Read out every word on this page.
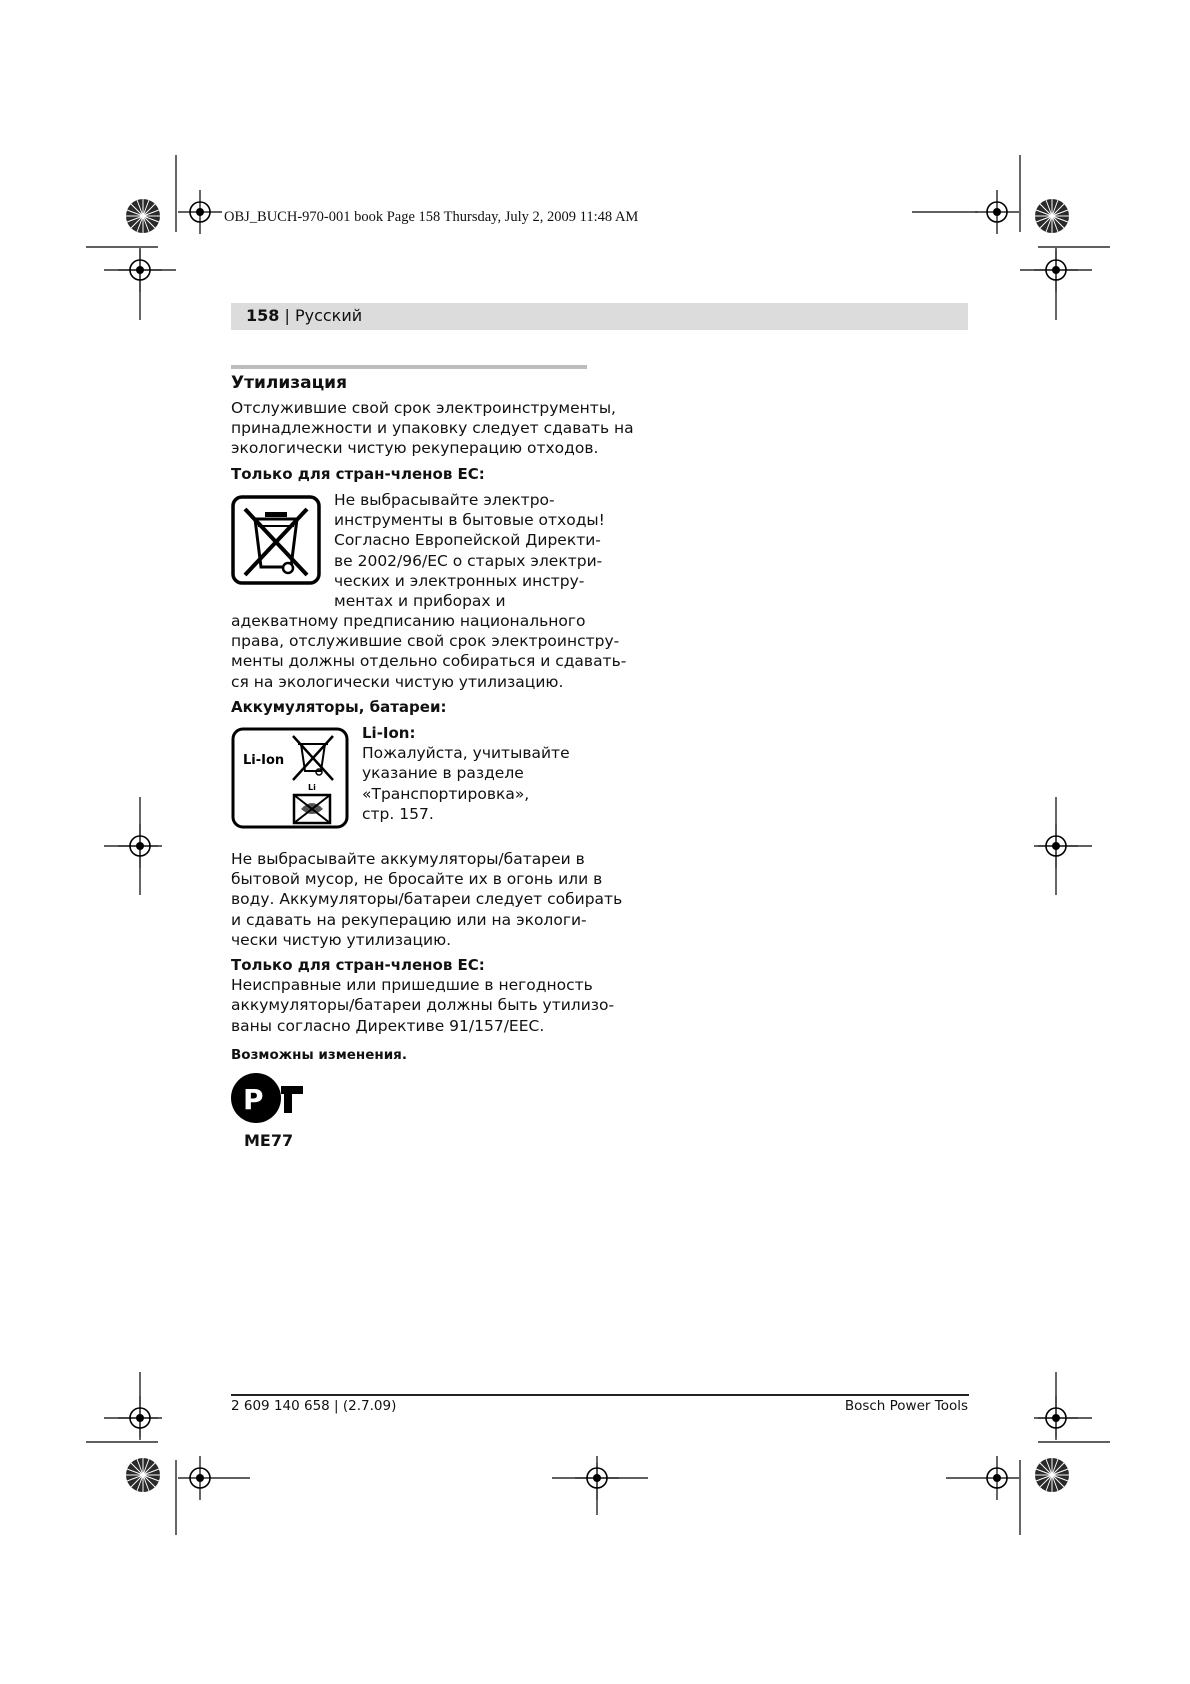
OBJ_BUCH-970-001 book Page 158 Thursday, July 2, 2009 11:48 AM
158 | Русский
Утилизация
Отслужившие свой срок электроинструменты,
принадлежности и упаковку следует сдавать на
экологически чистую рекуперацию отходов.
Только для стран-членов ЕС:
Не выбрасывайте электро-
инструменты в бытовые отходы!
Согласно Европейской Директи-
ве 2002/96/ЕС о старых электри-
ческих и электронных инстру-
ментах и приборах и
адекватному предписанию национального
права, отслужившие свой срок электроинстру-
менты должны отдельно собираться и сдавать-
ся на экологически чистую утилизацию.
Аккумуляторы, батареи:
Li-Ion
Li
Li-Ion:
Пожалуйста, учитывайте
указание в разделе
«Транспортировка»,
стр. 157.
Не выбрасывайте аккумуляторы/батареи в
бытовой мусор, не бросайте их в огонь или в
воду. Аккумуляторы/батареи следует собирать
и сдавать на рекуперацию или на экологи-
чески чистую утилизацию.
Только для стран-членов ЕС:
Неисправные или пришедшие в негодность
аккумуляторы/батареи должны быть утилизо-
ваны согласно Директиве 91/157/EEC.
Возможны изменения.
Р
МЕ77
2 609 140 658 | (2.7.09)	Bosch Power Tools
